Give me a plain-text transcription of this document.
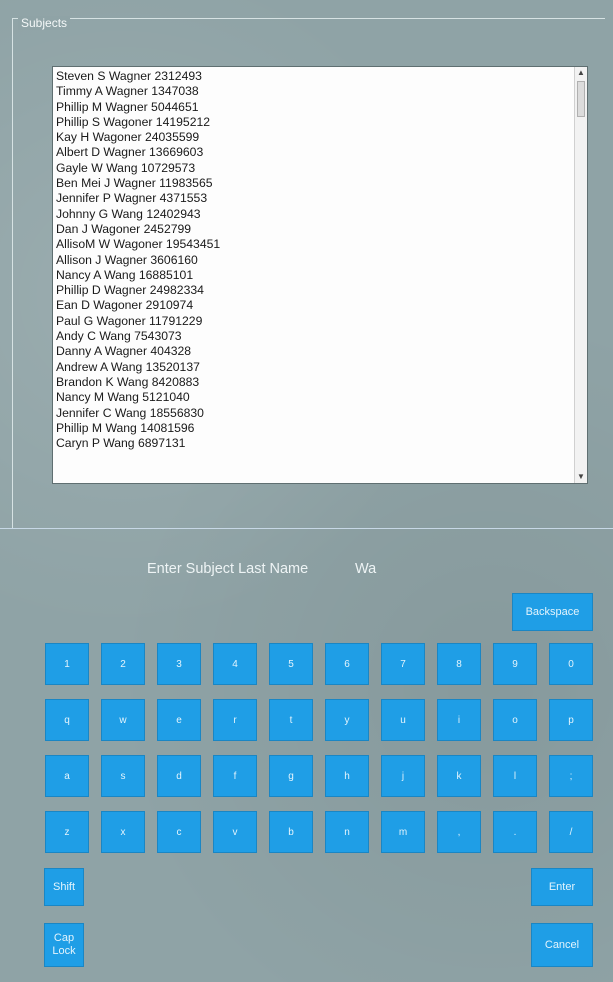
Subjects
Steven S Wagner 2312493
Timmy A Wagner 1347038
Phillip M Wagner 5044651
Phillip S Wagoner 14195212
Kay H Wagoner 24035599
Albert D Wagner 13669603
Gayle W Wang 10729573
Ben Mei J Wagner 11983565
Jennifer P Wagner 4371553
Johnny G Wang 12402943
Dan J Wagoner 2452799
AllisoM W Wagoner 19543451
Allison J Wagner 3606160
Nancy A Wang 16885101
Phillip D Wagner 24982334
Ean D Wagoner 2910974
Paul G Wagoner 11791229
Andy C Wang 7543073
Danny A Wagner 404328
Andrew A Wang 13520137
Brandon K Wang 8420883
Nancy M Wang 5121040
Jennifer C Wang 18556830
Phillip M Wang 14081596
Caryn P Wang 6897131
▲
▼
Enter Subject Last Name	Wa
Backspace
1	2	3	4	5	6	7	8	9	0
q	w	e	r	t	y	u	i	o	p
a	s	d	f	g	h	j	k	l	;
z	x	c	v	b	n	m	,	.	/
Shift	Enter
Cap
Lock	Cancel
